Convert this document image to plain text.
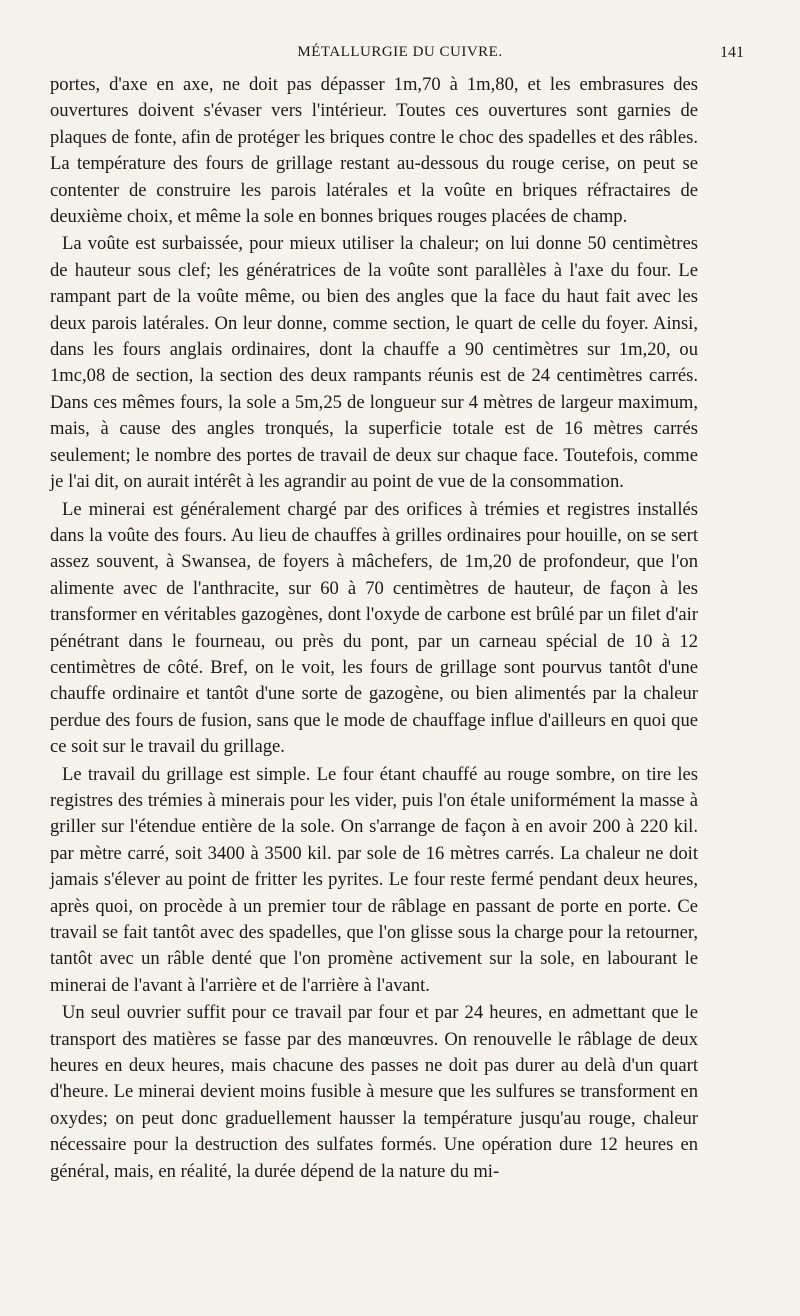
MÉTALLURGIE DU CUIVRE.	141

portes, d'axe en axe, ne doit pas dépasser 1m,70 à 1m,80, et les embrasures des ouvertures doivent s'évaser vers l'intérieur. Toutes ces ouvertures sont garnies de plaques de fonte, afin de protéger les briques contre le choc des spadelles et des râbles. La température des fours de grillage restant au-dessous du rouge cerise, on peut se contenter de construire les parois latérales et la voûte en briques réfractaires de deuxième choix, et même la sole en bonnes briques rouges placées de champ.

La voûte est surbaissée, pour mieux utiliser la chaleur; on lui donne 50 centimètres de hauteur sous clef; les génératrices de la voûte sont parallèles à l'axe du four. Le rampant part de la voûte même, ou bien des angles que la face du haut fait avec les deux parois latérales. On leur donne, comme section, le quart de celle du foyer. Ainsi, dans les fours anglais ordinaires, dont la chauffe a 90 centimètres sur 1m,20, ou 1mc,08 de section, la section des deux rampants réunis est de 24 centimètres carrés. Dans ces mêmes fours, la sole a 5m,25 de longueur sur 4 mètres de largeur maximum, mais, à cause des angles tronqués, la superficie totale est de 16 mètres carrés seulement; le nombre des portes de travail de deux sur chaque face. Toutefois, comme je l'ai dit, on aurait intérêt à les agrandir au point de vue de la consommation.

Le minerai est généralement chargé par des orifices à trémies et registres installés dans la voûte des fours. Au lieu de chauffes à grilles ordinaires pour houille, on se sert assez souvent, à Swansea, de foyers à mâchefers, de 1m,20 de profondeur, que l'on alimente avec de l'anthracite, sur 60 à 70 centimètres de hauteur, de façon à les transformer en véritables gazogènes, dont l'oxyde de carbone est brûlé par un filet d'air pénétrant dans le fourneau, ou près du pont, par un carneau spécial de 10 à 12 centimètres de côté. Bref, on le voit, les fours de grillage sont pourvus tantôt d'une chauffe ordinaire et tantôt d'une sorte de gazogène, ou bien alimentés par la chaleur perdue des fours de fusion, sans que le mode de chauffage influe d'ailleurs en quoi que ce soit sur le travail du grillage.

Le travail du grillage est simple. Le four étant chauffé au rouge sombre, on tire les registres des trémies à minerais pour les vider, puis l'on étale uniformément la masse à griller sur l'étendue entière de la sole. On s'arrange de façon à en avoir 200 à 220 kil. par mètre carré, soit 3400 à 3500 kil. par sole de 16 mètres carrés. La chaleur ne doit jamais s'élever au point de fritter les pyrites. Le four reste fermé pendant deux heures, après quoi, on procède à un premier tour de râblage en passant de porte en porte. Ce travail se fait tantôt avec des spadelles, que l'on glisse sous la charge pour la retourner, tantôt avec un râble denté que l'on promène activement sur la sole, en labourant le minerai de l'avant à l'arrière et de l'arrière à l'avant.

Un seul ouvrier suffit pour ce travail par four et par 24 heures, en admettant que le transport des matières se fasse par des manœuvres. On renouvelle le râblage de deux heures en deux heures, mais chacune des passes ne doit pas durer au delà d'un quart d'heure. Le minerai devient moins fusible à mesure que les sulfures se transforment en oxydes; on peut donc graduellement hausser la température jusqu'au rouge, chaleur nécessaire pour la destruction des sulfates formés. Une opération dure 12 heures en général, mais, en réalité, la durée dépend de la nature du mi-
